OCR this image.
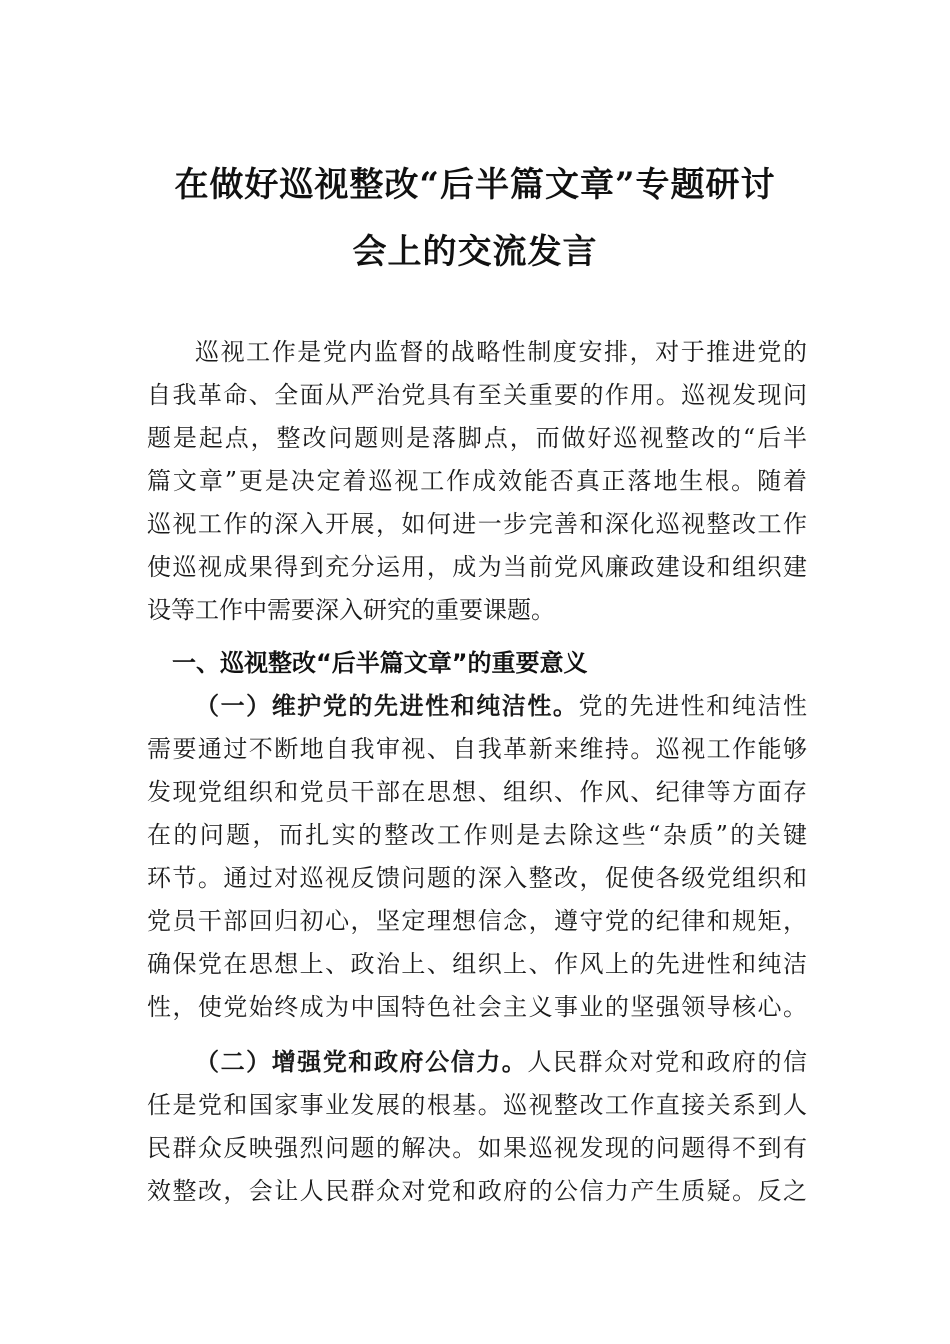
在做好巡视整改“后半篇文章”专题研讨
会上的交流发言
巡视工作是党内监督的战略性制度安排，对于推进党的
自我革命、全面从严治党具有至关重要的作用。巡视发现问
题是起点，整改问题则是落脚点，而做好巡视整改的“后半
篇文章”更是决定着巡视工作成效能否真正落地生根。随着
巡视工作的深入开展，如何进一步完善和深化巡视整改工作
使巡视成果得到充分运用，成为当前党风廉政建设和组织建
设等工作中需要深入研究的重要课题。
一、巡视整改“后半篇文章”的重要意义
（一）维护党的先进性和纯洁性。党的先进性和纯洁性
需要通过不断地自我审视、自我革新来维持。巡视工作能够
发现党组织和党员干部在思想、组织、作风、纪律等方面存
在的问题，而扎实的整改工作则是去除这些“杂质”的关键
环节。通过对巡视反馈问题的深入整改，促使各级党组织和
党员干部回归初心，坚定理想信念，遵守党的纪律和规矩，
确保党在思想上、政治上、组织上、作风上的先进性和纯洁
性，使党始终成为中国特色社会主义事业的坚强领导核心。
（二）增强党和政府公信力。人民群众对党和政府的信
任是党和国家事业发展的根基。巡视整改工作直接关系到人
民群众反映强烈问题的解决。如果巡视发现的问题得不到有
效整改，会让人民群众对党和政府的公信力产生质疑。反之
